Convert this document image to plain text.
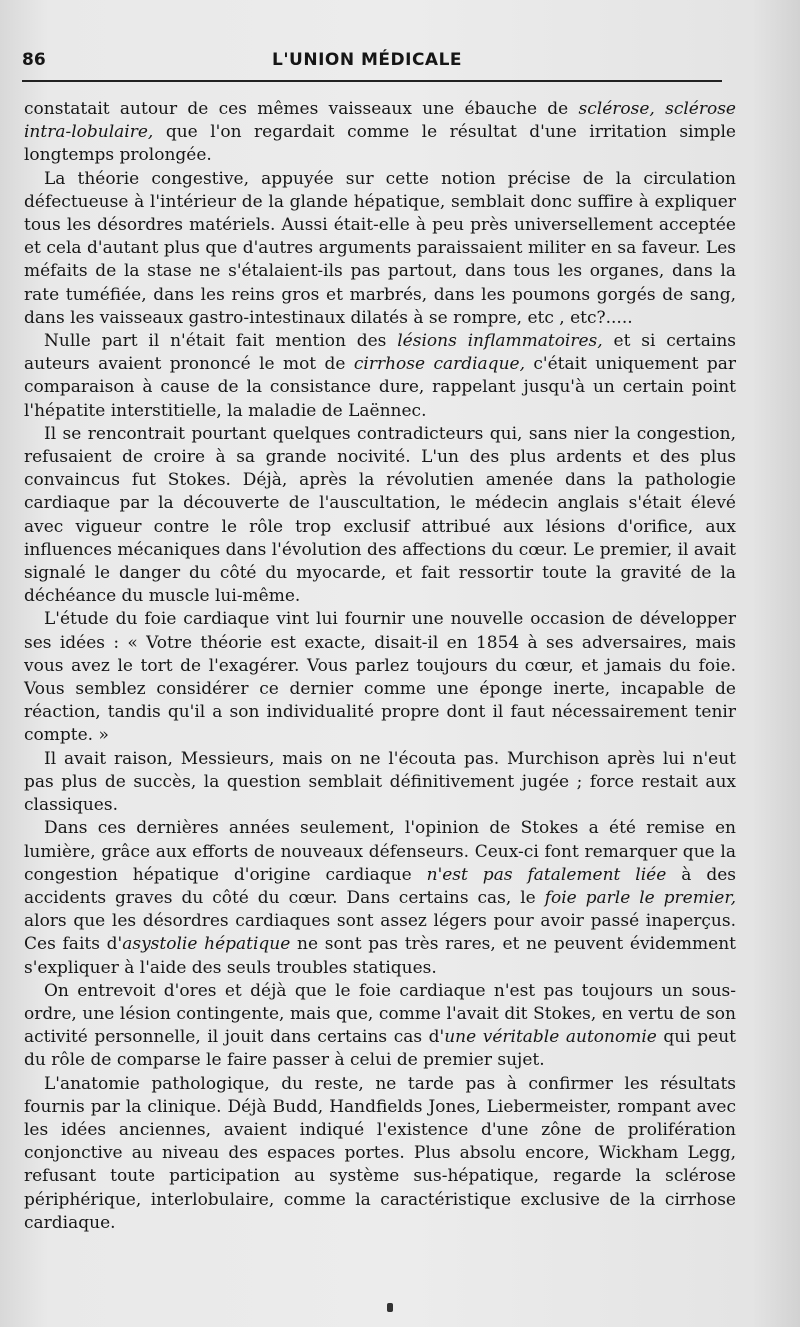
86	L'UNION MÉDICALE

constatait autour de ces mêmes vaisseaux une ébauche de sclérose, sclérose intra-lobulaire, que l'on regardait comme le résultat d'une irritation simple longtemps prolongée.

La théorie congestive, appuyée sur cette notion précise de la circulation défectueuse à l'intérieur de la glande hépatique, semblait donc suffire à expliquer tous les désordres matériels. Aussi était-elle à peu près universellement acceptée et cela d'autant plus que d'autres arguments paraissaient militer en sa faveur. Les méfaits de la stase ne s'étalaient-ils pas partout, dans tous les organes, dans la rate tuméfiée, dans les reins gros et marbrés, dans les poumons gorgés de sang, dans les vaisseaux gastro-intestinaux dilatés à se rompre, etc , etc?.....

Nulle part il n'était fait mention des lésions inflammatoires, et si certains auteurs avaient prononcé le mot de cirrhose cardiaque, c'était uniquement par comparaison à cause de la consistance dure, rappelant jusqu'à un certain point l'hépatite interstitielle, la maladie de Laënnec.

Il se rencontrait pourtant quelques contradicteurs qui, sans nier la congestion, refusaient de croire à sa grande nocivité. L'un des plus ardents et des plus convaincus fut Stokes. Déjà, après la révolutien amenée dans la pathologie cardiaque par la découverte de l'auscultation, le médecin anglais s'était élevé avec vigueur contre le rôle trop exclusif attribué aux lésions d'orifice, aux influences mécaniques dans l'évolution des affections du cœur. Le premier, il avait signalé le danger du côté du myocarde, et fait ressortir toute la gravité de la déchéance du muscle lui-même.

L'étude du foie cardiaque vint lui fournir une nouvelle occasion de développer ses idées : « Votre théorie est exacte, disait-il en 1854 à ses adversaires, mais vous avez le tort de l'exagérer. Vous parlez toujours du cœur, et jamais du foie. Vous semblez considérer ce dernier comme une éponge inerte, incapable de réaction, tandis qu'il a son individualité propre dont il faut nécessairement tenir compte. »

Il avait raison, Messieurs, mais on ne l'écouta pas. Murchison après lui n'eut pas plus de succès, la question semblait définitivement jugée ; force restait aux classiques.

Dans ces dernières années seulement, l'opinion de Stokes a été remise en lumière, grâce aux efforts de nouveaux défenseurs. Ceux-ci font remarquer que la congestion hépatique d'origine cardiaque n'est pas fatalement liée à des accidents graves du côté du cœur. Dans certains cas, le foie parle le premier, alors que les désordres cardiaques sont assez légers pour avoir passé inaperçus. Ces faits d'asystolie hépatique ne sont pas très rares, et ne peuvent évidemment s'expliquer à l'aide des seuls troubles statiques.

On entrevoit d'ores et déjà que le foie cardiaque n'est pas toujours un sous-ordre, une lésion contingente, mais que, comme l'avait dit Stokes, en vertu de son activité personnelle, il jouit dans certains cas d'une véritable autonomie qui peut du rôle de comparse le faire passer à celui de premier sujet.

L'anatomie pathologique, du reste, ne tarde pas à confirmer les résultats fournis par la clinique. Déjà Budd, Handfields Jones, Liebermeister, rompant avec les idées anciennes, avaient indiqué l'existence d'une zône de prolifération conjonctive au niveau des espaces portes. Plus absolu encore, Wickham Legg, refusant toute participation au système sus-hépatique, regarde la sclérose périphérique, interlobulaire, comme la caractéristique exclusive de la cirrhose cardiaque.
